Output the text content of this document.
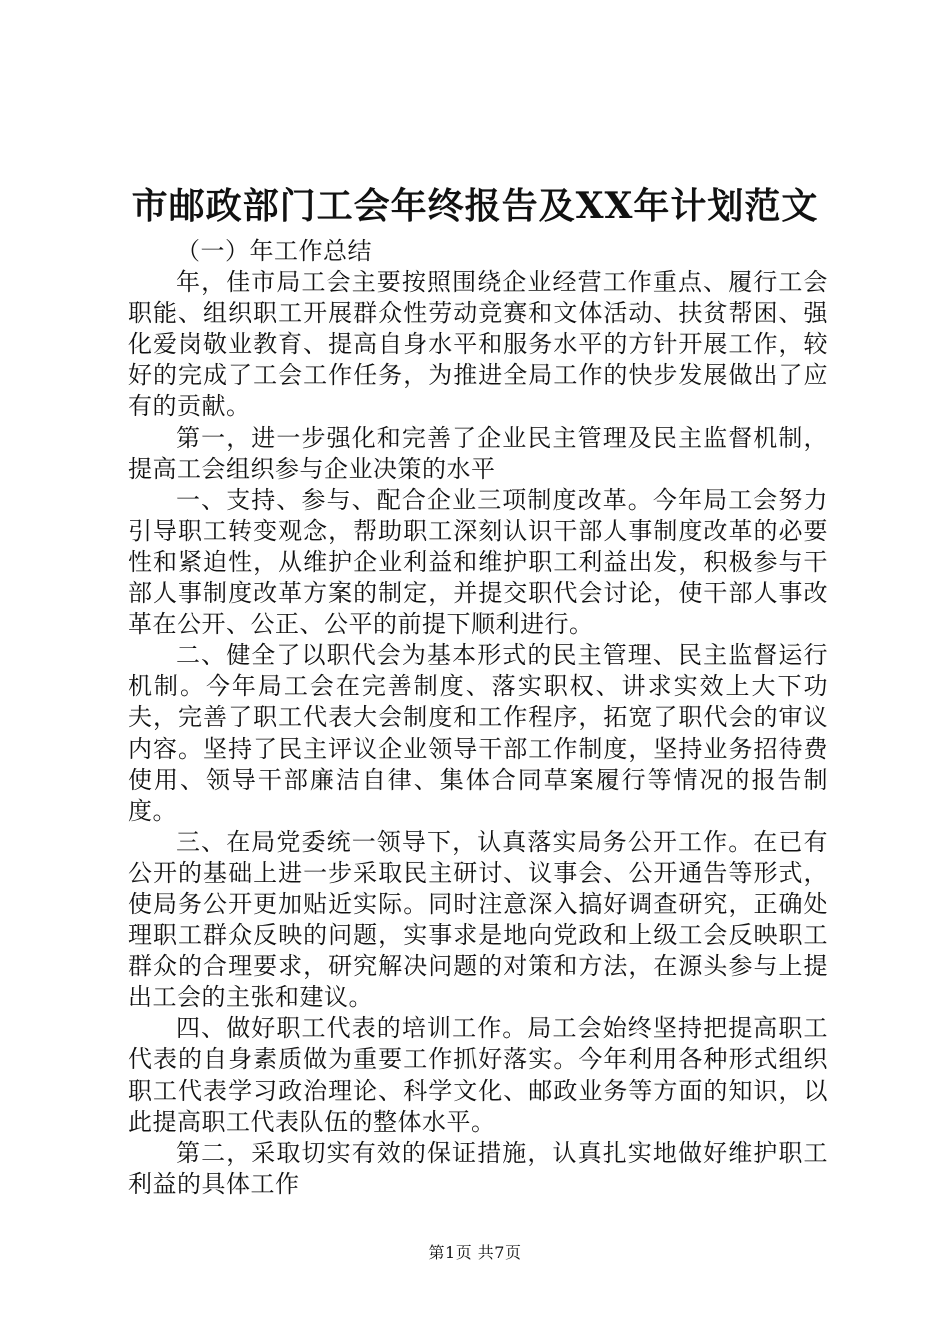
市邮政部门工会年终报告及XX年计划范文

（一）年工作总结

年，佳市局工会主要按照围绕企业经营工作重点、履行工会职能、组织职工开展群众性劳动竞赛和文体活动、扶贫帮困、强化爱岗敬业教育、提高自身水平和服务水平的方针开展工作，较好的完成了工会工作任务，为推进全局工作的快步发展做出了应有的贡献。

第一，进一步强化和完善了企业民主管理及民主监督机制，提高工会组织参与企业决策的水平

一、支持、参与、配合企业三项制度改革。今年局工会努力引导职工转变观念，帮助职工深刻认识干部人事制度改革的必要性和紧迫性，从维护企业利益和维护职工利益出发，积极参与干部人事制度改革方案的制定，并提交职代会讨论，使干部人事改革在公开、公正、公平的前提下顺利进行。

二、健全了以职代会为基本形式的民主管理、民主监督运行机制。今年局工会在完善制度、落实职权、讲求实效上大下功夫，完善了职工代表大会制度和工作程序，拓宽了职代会的审议内容。坚持了民主评议企业领导干部工作制度，坚持业务招待费使用、领导干部廉洁自律、集体合同草案履行等情况的报告制度。

三、在局党委统一领导下，认真落实局务公开工作。在已有公开的基础上进一步采取民主研讨、议事会、公开通告等形式，使局务公开更加贴近实际。同时注意深入搞好调查研究，正确处理职工群众反映的问题，实事求是地向党政和上级工会反映职工群众的合理要求，研究解决问题的对策和方法，在源头参与上提出工会的主张和建议。

四、做好职工代表的培训工作。局工会始终坚持把提高职工代表的自身素质做为重要工作抓好落实。今年利用各种形式组织职工代表学习政治理论、科学文化、邮政业务等方面的知识，以此提高职工代表队伍的整体水平。

第二，采取切实有效的保证措施，认真扎实地做好维护职工利益的具体工作

第1页 共7页
